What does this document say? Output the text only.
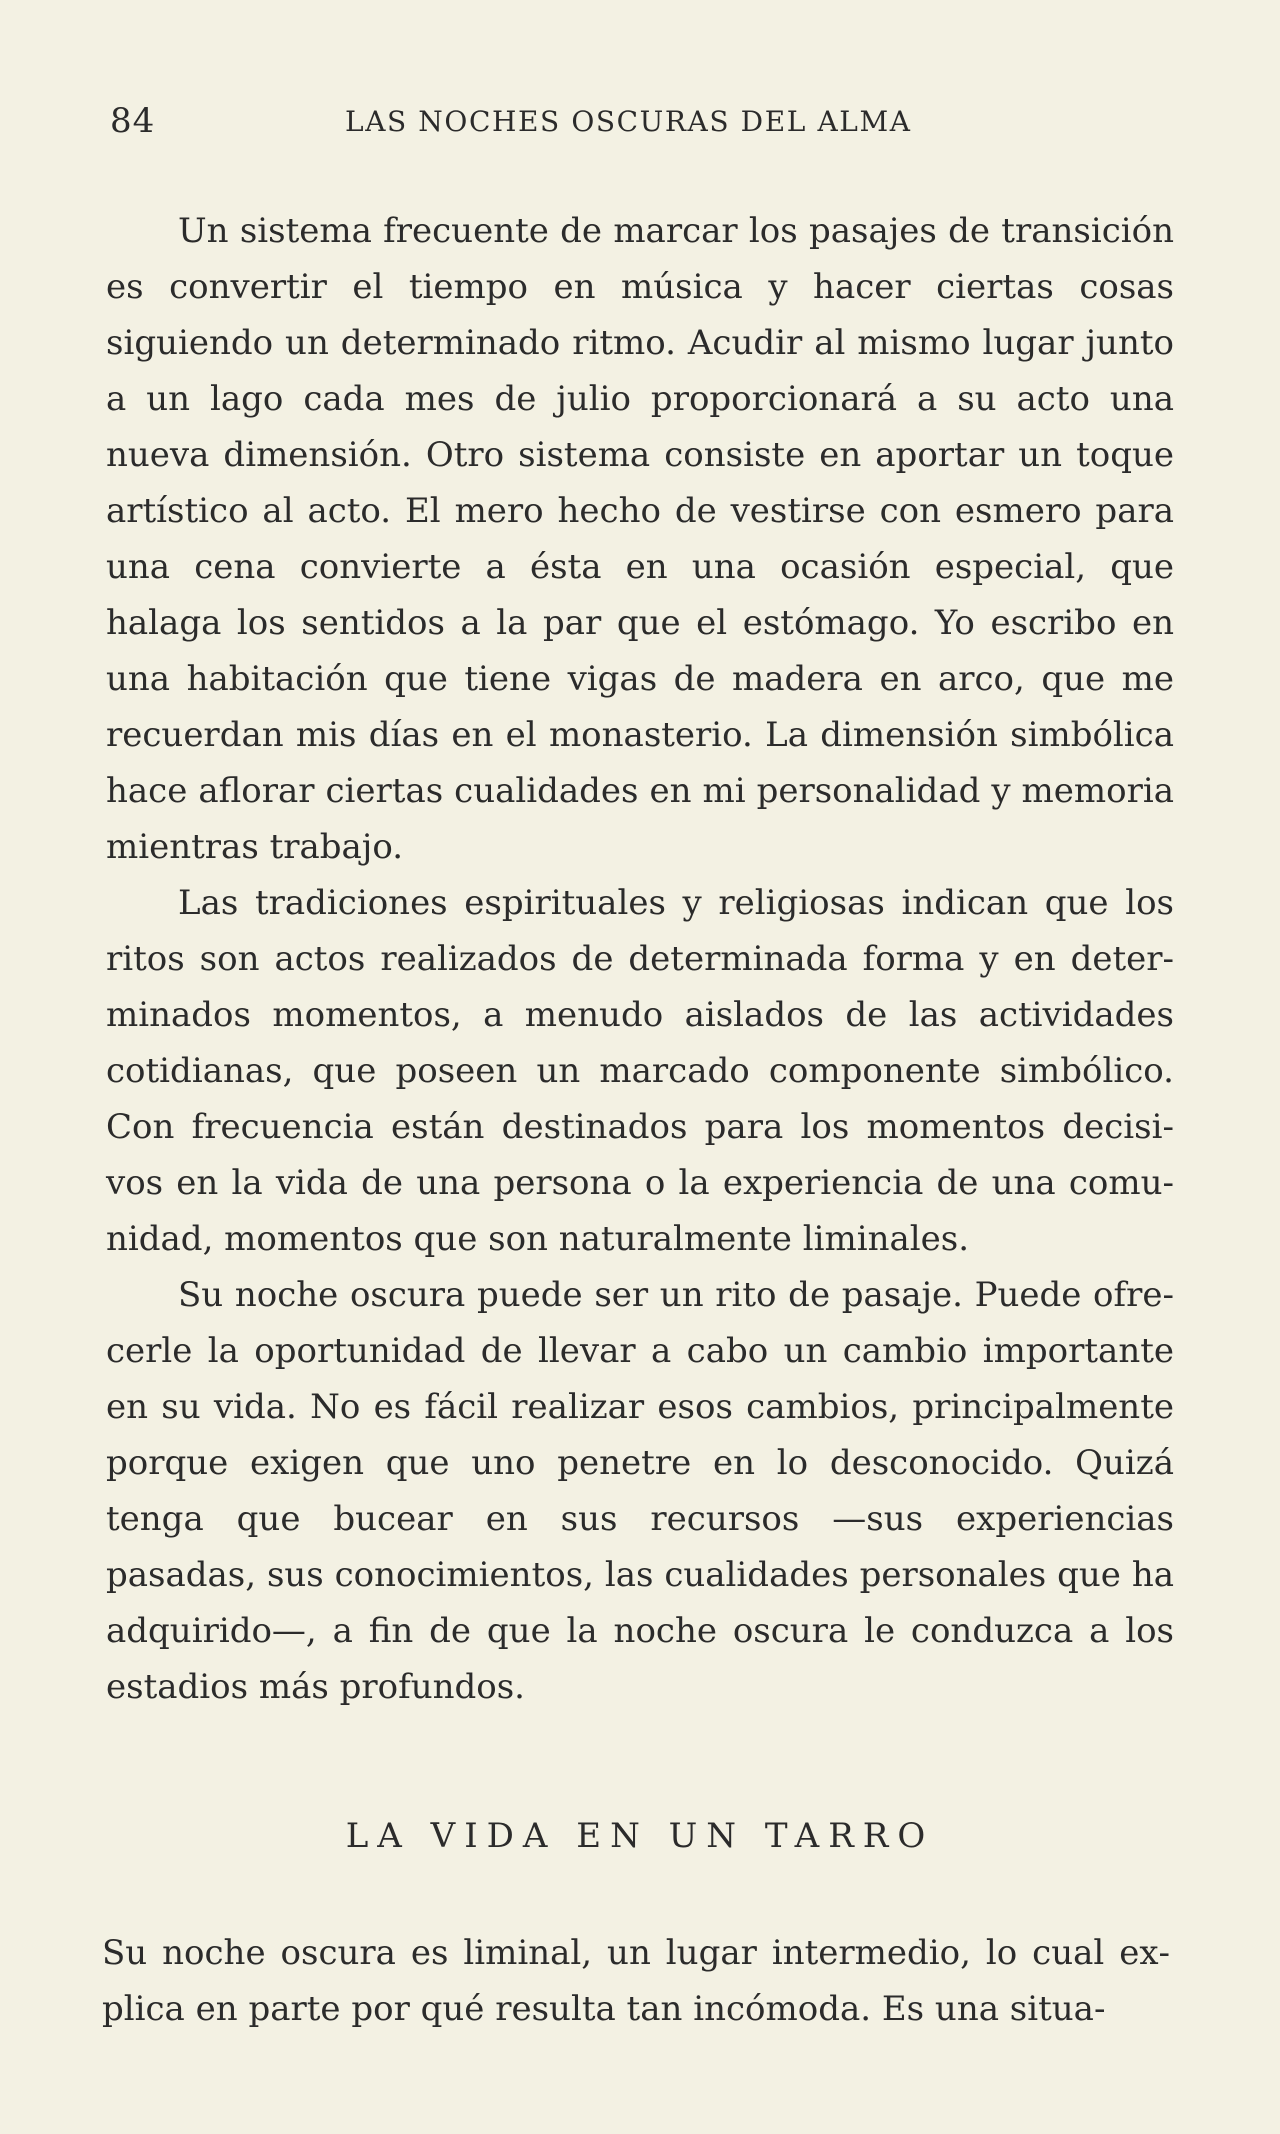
84	LAS NOCHES OSCURAS DEL ALMA

Un sistema frecuente de marcar los pasajes de transición es convertir el tiempo en música y hacer ciertas cosas siguiendo un determinado ritmo. Acudir al mismo lugar junto a un lago cada mes de julio proporcionará a su acto una nueva dimensión. Otro sistema consiste en aportar un toque artístico al acto. El mero hecho de vestirse con esmero para una cena convierte a ésta en una ocasión especial, que halaga los sentidos a la par que el estómago. Yo escribo en una habitación que tiene vigas de madera en arco, que me recuerdan mis días en el monasterio. La dimensión simbólica hace aflorar ciertas cualidades en mi personalidad y memoria mientras trabajo.

Las tradiciones espirituales y religiosas indican que los ritos son actos realizados de determinada forma y en determinados momentos, a menudo aislados de las actividades cotidianas, que poseen un marcado componente simbólico. Con frecuencia están destinados para los momentos decisivos en la vida de una persona o la experiencia de una comunidad, momentos que son naturalmente liminales.

Su noche oscura puede ser un rito de pasaje. Puede ofrecerle la oportunidad de llevar a cabo un cambio importante en su vida. No es fácil realizar esos cambios, principalmente porque exigen que uno penetre en lo desconocido. Quizá tenga que bucear en sus recursos —sus experiencias pasadas, sus conocimientos, las cualidades personales que ha adquirido—, a fin de que la noche oscura le conduzca a los estadios más profundos.

LA VIDA EN UN TARRO

Su noche oscura es liminal, un lugar intermedio, lo cual explica en parte por qué resulta tan incómoda. Es una situa-
